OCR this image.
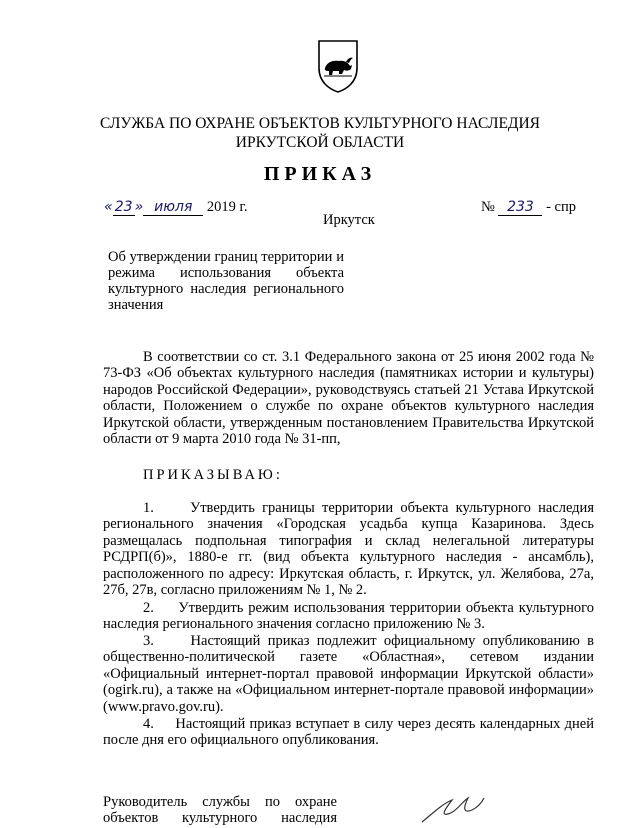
СЛУЖБА ПО ОХРАНЕ ОБЪЕКТОВ КУЛЬТУРНОГО НАСЛЕДИЯ
ИРКУТСКОЙ ОБЛАСТИ
ПРИКАЗ
« 23 » июля 2019 г.	№ 233 - спр
Иркутск
Об утверждении границ территории и режима использования объекта культурного наследия регионального значения

В соответствии со ст. 3.1 Федерального закона от 25 июня 2002 года № 73-ФЗ «Об объектах культурного наследия (памятниках истории и культуры) народов Российской Федерации», руководствуясь статьей 21 Устава Иркутской области, Положением о службе по охране объектов культурного наследия Иркутской области, утвержденным постановлением Правительства Иркутской области от 9 марта 2010 года № 31-пп,

ПРИКАЗЫВАЮ:

1.     Утвердить границы территории объекта культурного наследия регионального значения «Городская усадьба купца Казаринова. Здесь размещалась подпольная типография и склад нелегальной литературы РСДРП(б)», 1880-е гг. (вид объекта культурного наследия - ансамбль), расположенного по адресу: Иркутская область, г. Иркутск, ул. Желябова, 27а, 27б, 27в, согласно приложениям № 1, № 2.

2.     Утвердить режим использования территории объекта культурного наследия регионального значения согласно приложению № 3.

3.     Настоящий приказ подлежит официальному опубликованию в общественно-политической газете «Областная», сетевом издании «Официальный интернет-портал правовой информации Иркутской области» (ogirk.ru), а также на «Официальном интернет-портале правовой информации» (www.pravo.gov.ru).

4.     Настоящий приказ вступает в силу через десять календарных дней после дня его официального опубликования.

Руководитель службы по охране
объектов культурного наследия
